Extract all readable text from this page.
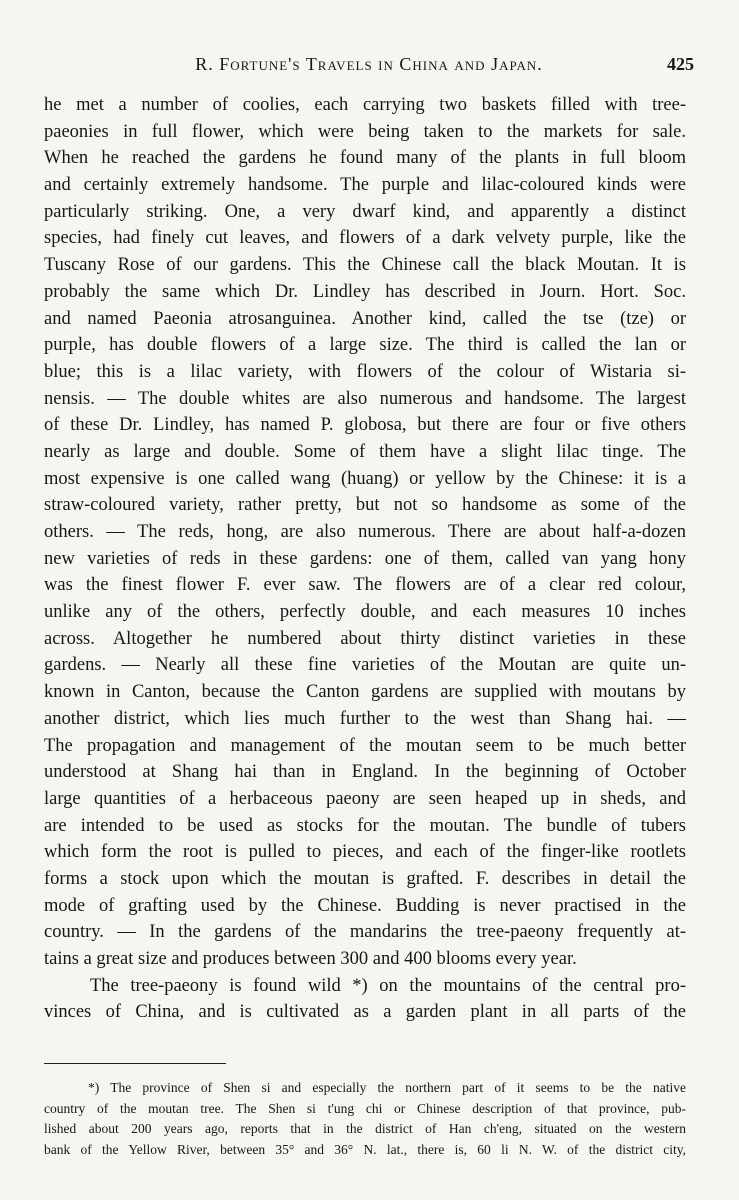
R. Fortune's Travels in China and Japan.	425
he met a number of coolies, each carrying two baskets filled with tree-
paeonies in full flower, which were being taken to the markets for sale.
When he reached the gardens he found many of the plants in full bloom
and certainly extremely handsome. The purple and lilac-coloured kinds were
particularly striking. One, a very dwarf kind, and apparently a distinct
species, had finely cut leaves, and flowers of a dark velvety purple, like the
Tuscany Rose of our gardens. This the Chinese call the black Moutan. It is
probably the same which Dr. Lindley has described in Journ. Hort. Soc.
and named Paeonia atrosanguinea. Another kind, called the tse (tze) or
purple, has double flowers of a large size. The third is called the lan or
blue; this is a lilac variety, with flowers of the colour of Wistaria si-
nensis. — The double whites are also numerous and handsome. The largest
of these Dr. Lindley, has named P. globosa, but there are four or five others
nearly as large and double. Some of them have a slight lilac tinge. The
most expensive is one called wang (huang) or yellow by the Chinese: it is a
straw-coloured variety, rather pretty, but not so handsome as some of the
others. — The reds, hong, are also numerous. There are about half-a-dozen
new varieties of reds in these gardens: one of them, called van yang hony
was the finest flower F. ever saw. The flowers are of a clear red colour,
unlike any of the others, perfectly double, and each measures 10 inches
across. Altogether he numbered about thirty distinct varieties in these
gardens. — Nearly all these fine varieties of the Moutan are quite un-
known in Canton, because the Canton gardens are supplied with moutans by
another district, which lies much further to the west than Shang hai. —
The propagation and management of the moutan seem to be much better
understood at Shang hai than in England. In the beginning of October
large quantities of a herbaceous paeony are seen heaped up in sheds, and
are intended to be used as stocks for the moutan. The bundle of tubers
which form the root is pulled to pieces, and each of the finger-like rootlets
forms a stock upon which the moutan is grafted. F. describes in detail the
mode of grafting used by the Chinese. Budding is never practised in the
country. — In the gardens of the mandarins the tree-paeony frequently at-
tains a great size and produces between 300 and 400 blooms every year.
The tree-paeony is found wild *) on the mountains of the central pro-
vinces of China, and is cultivated as a garden plant in all parts of the
*) The province of Shen si and especially the northern part of it seems to be the native
country of the moutan tree. The Shen si t'ung chi or Chinese description of that province, pub-
lished about 200 years ago, reports that in the district of Han ch'eng, situated on the western
bank of the Yellow River, between 35° and 36° N. lat., there is, 60 li N. W. of the district city,
